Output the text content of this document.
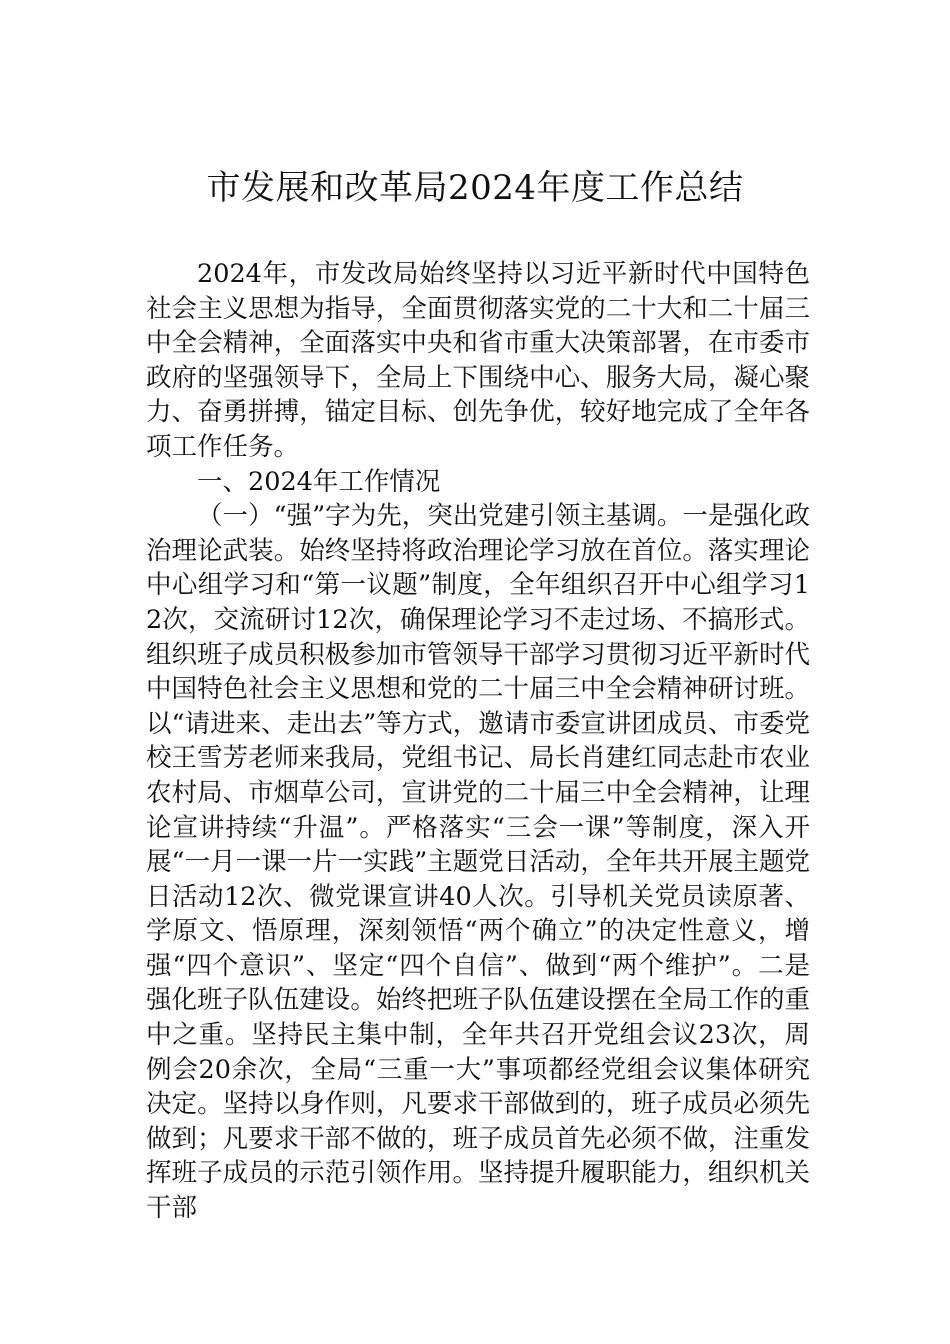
市发展和改革局2024年度工作总结

2024年，市发改局始终坚持以习近平新时代中国特色社会主义思想为指导，全面贯彻落实党的二十大和二十届三中全会精神，全面落实中央和省市重大决策部署，在市委市政府的坚强领导下，全局上下围绕中心、服务大局，凝心聚力、奋勇拼搏，锚定目标、创先争优，较好地完成了全年各项工作任务。

一、2024年工作情况

（一）“强”字为先，突出党建引领主基调。一是强化政治理论武装。始终坚持将政治理论学习放在首位。落实理论中心组学习和“第一议题”制度，全年组织召开中心组学习12次，交流研讨12次，确保理论学习不走过场、不搞形式。组织班子成员积极参加市管领导干部学习贯彻习近平新时代中国特色社会主义思想和党的二十届三中全会精神研讨班。以“请进来、走出去”等方式，邀请市委宣讲团成员、市委党校王雪芳老师来我局，党组书记、局长肖建红同志赴市农业农村局、市烟草公司，宣讲党的二十届三中全会精神，让理论宣讲持续“升温”。严格落实“三会一课”等制度，深入开展“一月一课一片一实践”主题党日活动，全年共开展主题党日活动12次、微党课宣讲40人次。引导机关党员读原著、学原文、悟原理，深刻领悟“两个确立”的决定性意义，增强“四个意识”、坚定“四个自信”、做到“两个维护”。二是强化班子队伍建设。始终把班子队伍建设摆在全局工作的重中之重。坚持民主集中制，全年共召开党组会议23次，周例会20余次，全局“三重一大”事项都经党组会议集体研究决定。坚持以身作则，凡要求干部做到的，班子成员必须先做到；凡要求干部不做的，班子成员首先必须不做，注重发挥班子成员的示范引领作用。坚持提升履职能力，组织机关干部
